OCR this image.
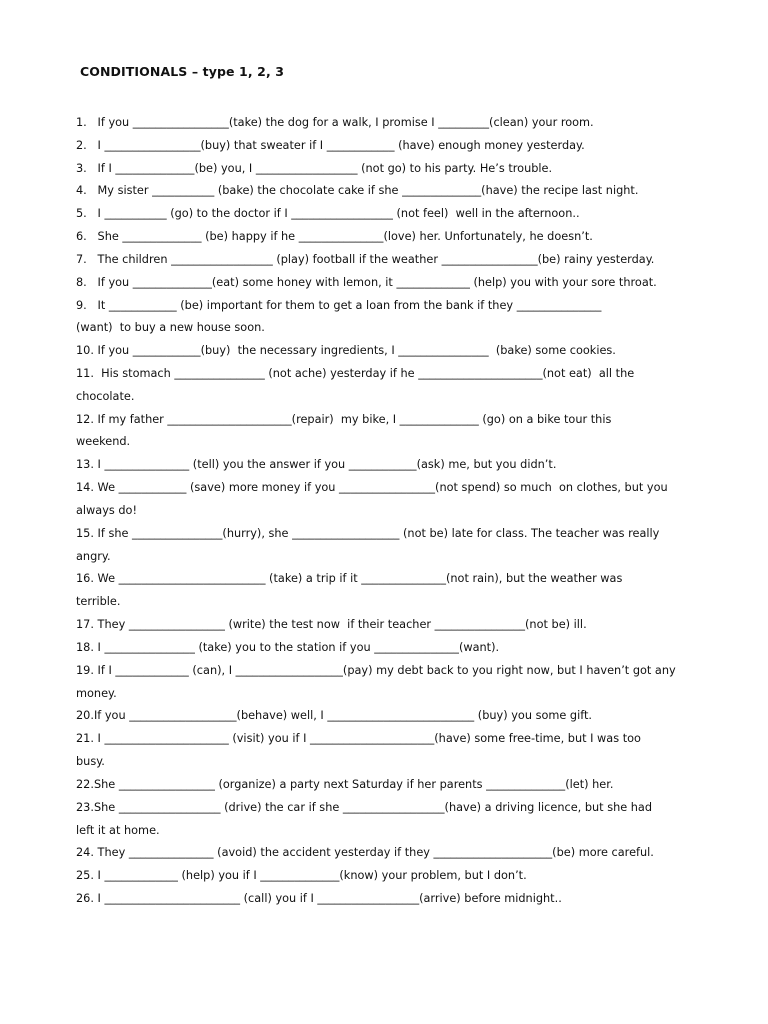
CONDITIONALS – type 1, 2, 3
1.   If you _________________(take) the dog for a walk, I promise I _________(clean) your room.
2.   I _________________(buy) that sweater if I ____________ (have) enough money yesterday.
3.   If I ______________(be) you, I __________________ (not go) to his party. He’s trouble.
4.   My sister ___________ (bake) the chocolate cake if she ______________(have) the recipe last night.
5.   I ___________ (go) to the doctor if I __________________ (not feel)  well in the afternoon..
6.   She ______________ (be) happy if he _______________(love) her. Unfortunately, he doesn’t.
7.   The children __________________ (play) football if the weather _________________(be) rainy yesterday.
8.   If you ______________(eat) some honey with lemon, it _____________ (help) you with your sore throat.
9.   It ____________ (be) important for them to get a loan from the bank if they _______________
(want)  to buy a new house soon.
10. If you ____________(buy)  the necessary ingredients, I ________________  (bake) some cookies.
11.  His stomach ________________ (not ache) yesterday if he ______________________(not eat)  all the
chocolate.
12. If my father ______________________(repair)  my bike, I ______________ (go) on a bike tour this
weekend.
13. I _______________ (tell) you the answer if you ____________(ask) me, but you didn’t.
14. We ____________ (save) more money if you _________________(not spend) so much  on clothes, but you
always do!
15. If she ________________(hurry), she ___________________ (not be) late for class. The teacher was really
angry.
16. We __________________________ (take) a trip if it _______________(not rain), but the weather was
terrible.
17. They _________________ (write) the test now  if their teacher ________________(not be) ill.
18. I ________________ (take) you to the station if you _______________(want).
19. If I _____________ (can), I ___________________(pay) my debt back to you right now, but I haven’t got any
money.
20.If you ___________________(behave) well, I __________________________ (buy) you some gift.
21. I ______________________ (visit) you if I ______________________(have) some free-time, but I was too
busy.
22.She _________________ (organize) a party next Saturday if her parents ______________(let) her.
23.She __________________ (drive) the car if she __________________(have) a driving licence, but she had
left it at home.
24. They _______________ (avoid) the accident yesterday if they _____________________(be) more careful.
25. I _____________ (help) you if I ______________(know) your problem, but I don’t.
26. I ________________________ (call) you if I __________________(arrive) before midnight..
